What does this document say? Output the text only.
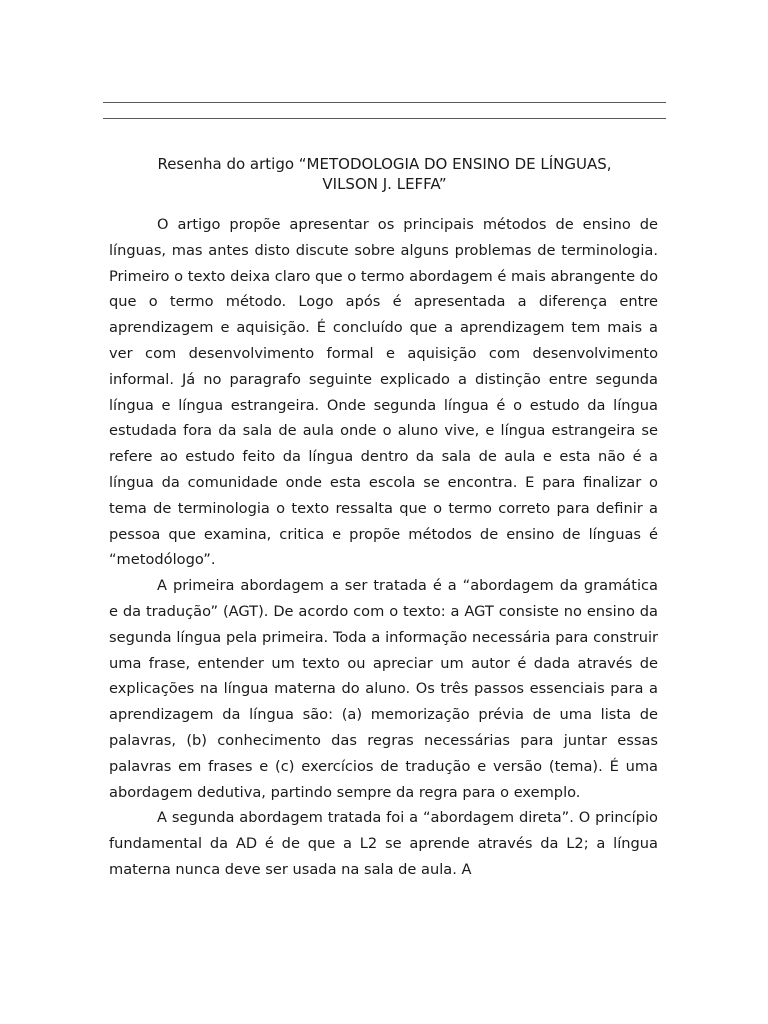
Resenha do artigo “METODOLOGIA DO ENSINO DE LÍNGUAS,
VILSON J. LEFFA”

O artigo propõe apresentar os principais métodos de ensino de línguas, mas antes disto discute sobre alguns problemas de terminologia. Primeiro o texto deixa claro que o termo abordagem é mais abrangente do que o termo método. Logo após é apresentada a diferença entre aprendizagem e aquisição. É concluído que a aprendizagem tem mais a ver com desenvolvimento formal e aquisição com desenvolvimento informal. Já no paragrafo seguinte explicado a distinção entre segunda língua e língua estrangeira. Onde segunda língua é o estudo da língua estudada fora da sala de aula onde o aluno vive, e língua estrangeira se refere ao estudo feito da língua dentro da sala de aula e esta não é a língua da comunidade onde esta escola se encontra. E para finalizar o tema de terminologia o texto ressalta que o termo correto para definir a pessoa que examina, critica e propõe métodos de ensino de línguas é “metodólogo”.

A primeira abordagem a ser tratada é a “abordagem da gramática e da tradução” (AGT). De acordo com o texto: a AGT consiste no ensino da segunda língua pela primeira. Toda a informação necessária para construir uma frase, entender um texto ou apreciar um autor é dada através de explicações na língua materna do aluno. Os três passos essenciais para a aprendizagem da língua são: (a) memorização prévia de uma lista de palavras, (b) conhecimento das regras necessárias para juntar essas palavras em frases e (c) exercícios de tradução e versão (tema). É uma abordagem dedutiva, partindo sempre da regra para o exemplo.

A segunda abordagem tratada foi a “abordagem direta”. O princípio fundamental da AD é de que a L2 se aprende através da L2; a língua materna nunca deve ser usada na sala de aula. A
